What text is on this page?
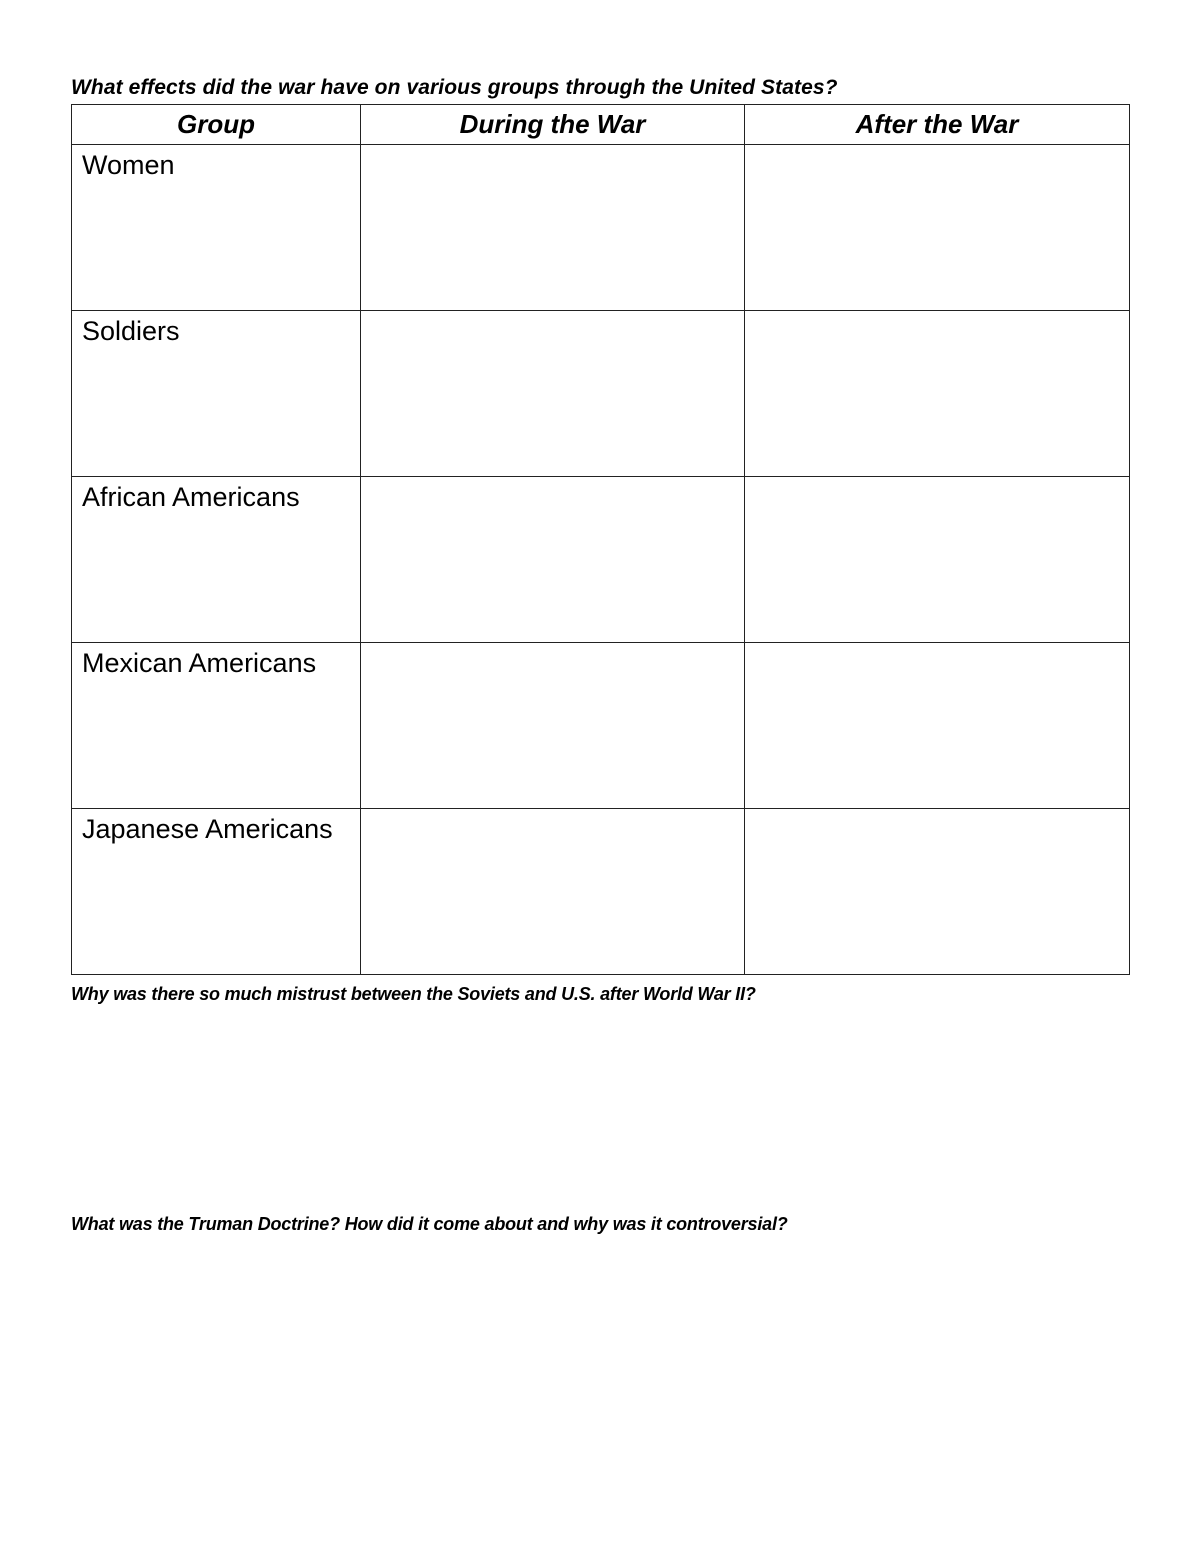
What effects did the war have on various groups through the United States?
Group	During the War	After the War

Women		

Soldiers		

African Americans		

Mexican Americans		

Japanese Americans		

Why was there so much mistrust between the Soviets and U.S. after World War II?
What was the Truman Doctrine? How did it come about and why was it controversial?
